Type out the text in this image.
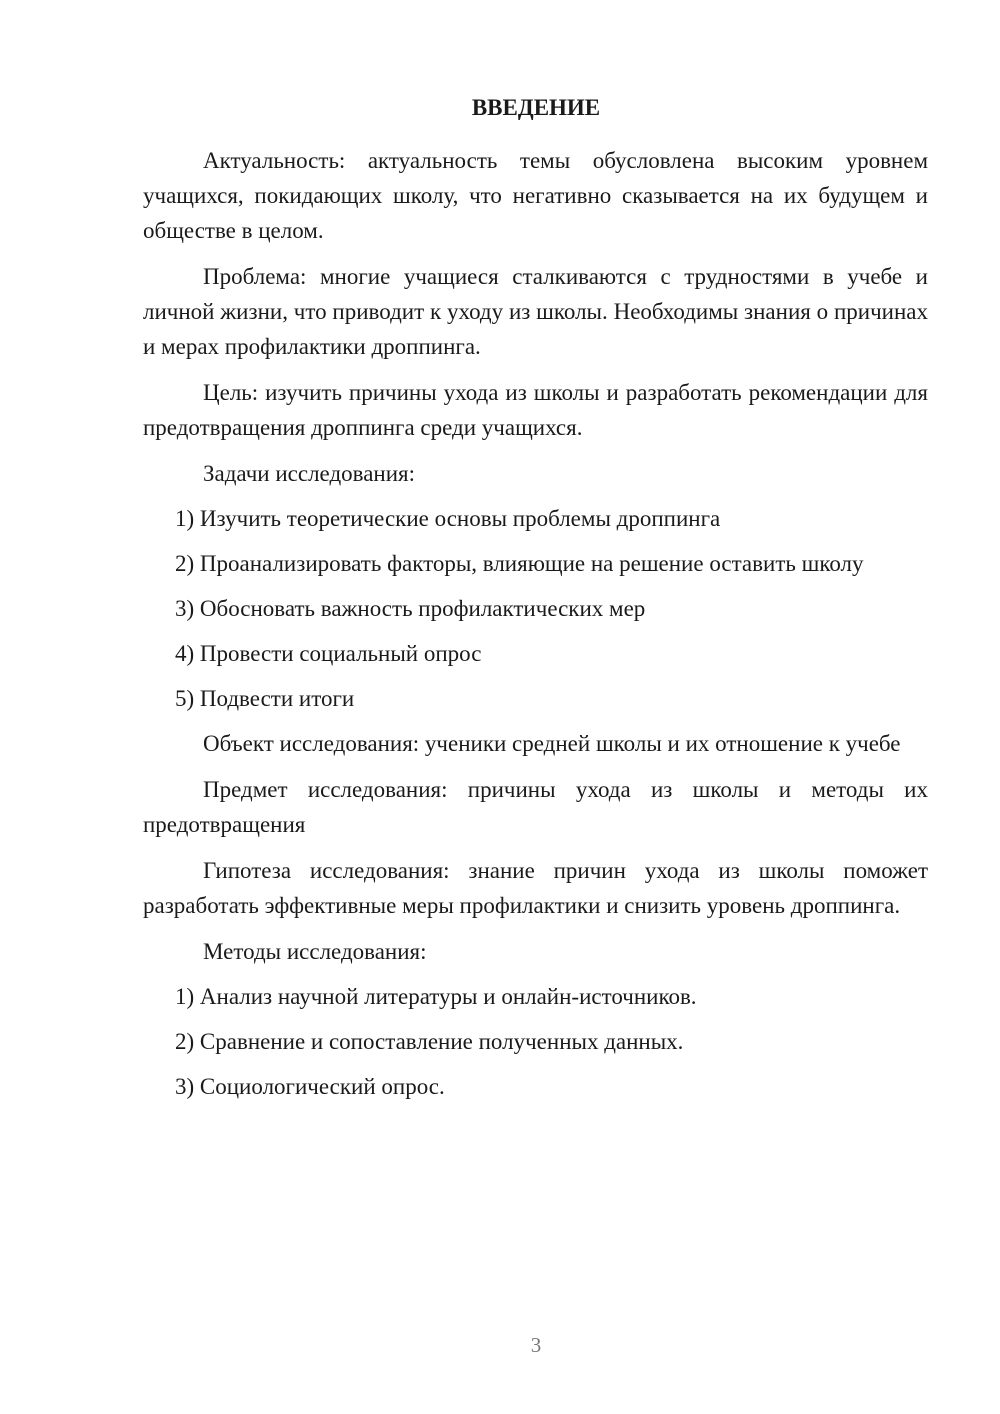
ВВЕДЕНИЕ

Актуальность: актуальность темы обусловлена высоким уровнем учащихся, покидающих школу, что негативно сказывается на их будущем и обществе в целом.

Проблема: многие учащиеся сталкиваются с трудностями в учебе и личной жизни, что приводит к уходу из школы. Необходимы знания о причинах и мерах профилактики дроппинга.

Цель: изучить причины ухода из школы и разработать рекомендации для предотвращения дроппинга среди учащихся.

Задачи исследования:

1) Изучить теоретические основы проблемы дроппинга
2) Проанализировать факторы, влияющие на решение оставить школу
3) Обосновать важность профилактических мер
4) Провести социальный опрос
5) Подвести итоги

Объект исследования: ученики средней школы и их отношение к учебе

Предмет исследования: причины ухода из школы и методы их предотвращения

Гипотеза исследования: знание причин ухода из школы поможет разработать эффективные меры профилактики и снизить уровень дроппинга.

Методы исследования:

1) Анализ научной литературы и онлайн-источников.
2) Сравнение и сопоставление полученных данных.
3) Социологический опрос.
3
